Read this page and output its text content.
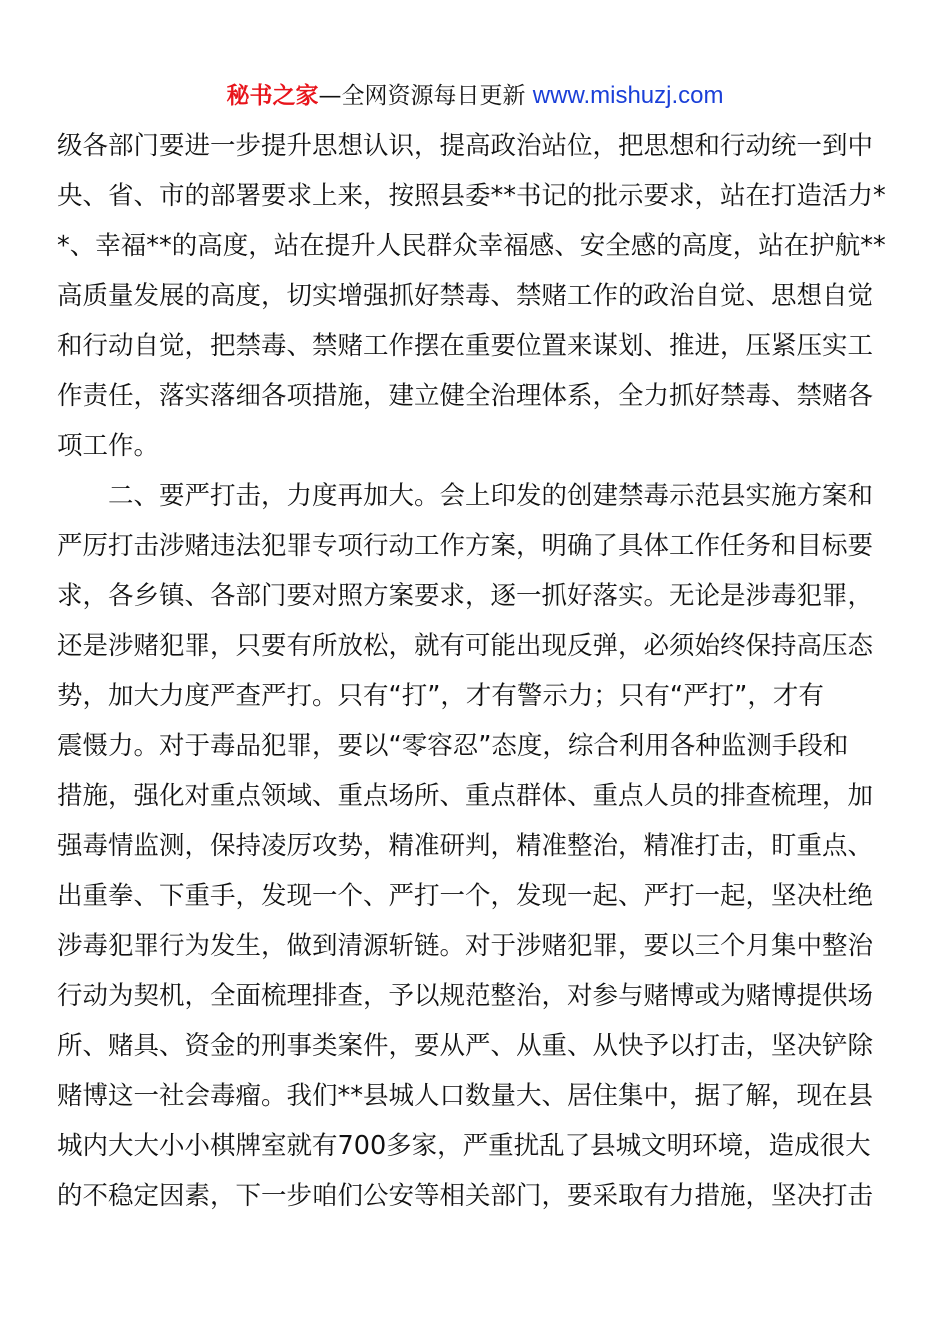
秘书之家—全网资源每日更新 www.mishuzj.com
级各部门要进一步提升思想认识，提高政治站位，把思想和行动统一到中
央、省、市的部署要求上来，按照县委**书记的批示要求，站在打造活力*
*、幸福**的高度，站在提升人民群众幸福感、安全感的高度，站在护航**
高质量发展的高度，切实增强抓好禁毒、禁赌工作的政治自觉、思想自觉
和行动自觉，把禁毒、禁赌工作摆在重要位置来谋划、推进，压紧压实工
作责任，落实落细各项措施，建立健全治理体系，全力抓好禁毒、禁赌各
项工作。
　　二、要严打击，力度再加大。会上印发的创建禁毒示范县实施方案和
严厉打击涉赌违法犯罪专项行动工作方案，明确了具体工作任务和目标要
求，各乡镇、各部门要对照方案要求，逐一抓好落实。无论是涉毒犯罪，
还是涉赌犯罪，只要有所放松，就有可能出现反弹，必须始终保持高压态
势，加大力度严查严打。只有“打”，才有警示力；只有“严打”，才有
震慑力。对于毒品犯罪，要以“零容忍”态度，综合利用各种监测手段和
措施，强化对重点领域、重点场所、重点群体、重点人员的排查梳理，加
强毒情监测，保持凌厉攻势，精准研判，精准整治，精准打击，盯重点、
出重拳、下重手，发现一个、严打一个，发现一起、严打一起，坚决杜绝
涉毒犯罪行为发生，做到清源斩链。对于涉赌犯罪，要以三个月集中整治
行动为契机，全面梳理排查，予以规范整治，对参与赌博或为赌博提供场
所、赌具、资金的刑事类案件，要从严、从重、从快予以打击，坚决铲除
赌博这一社会毒瘤。我们**县城人口数量大、居住集中，据了解，现在县
城内大大小小棋牌室就有700多家，严重扰乱了县城文明环境，造成很大
的不稳定因素，下一步咱们公安等相关部门，要采取有力措施，坚决打击
